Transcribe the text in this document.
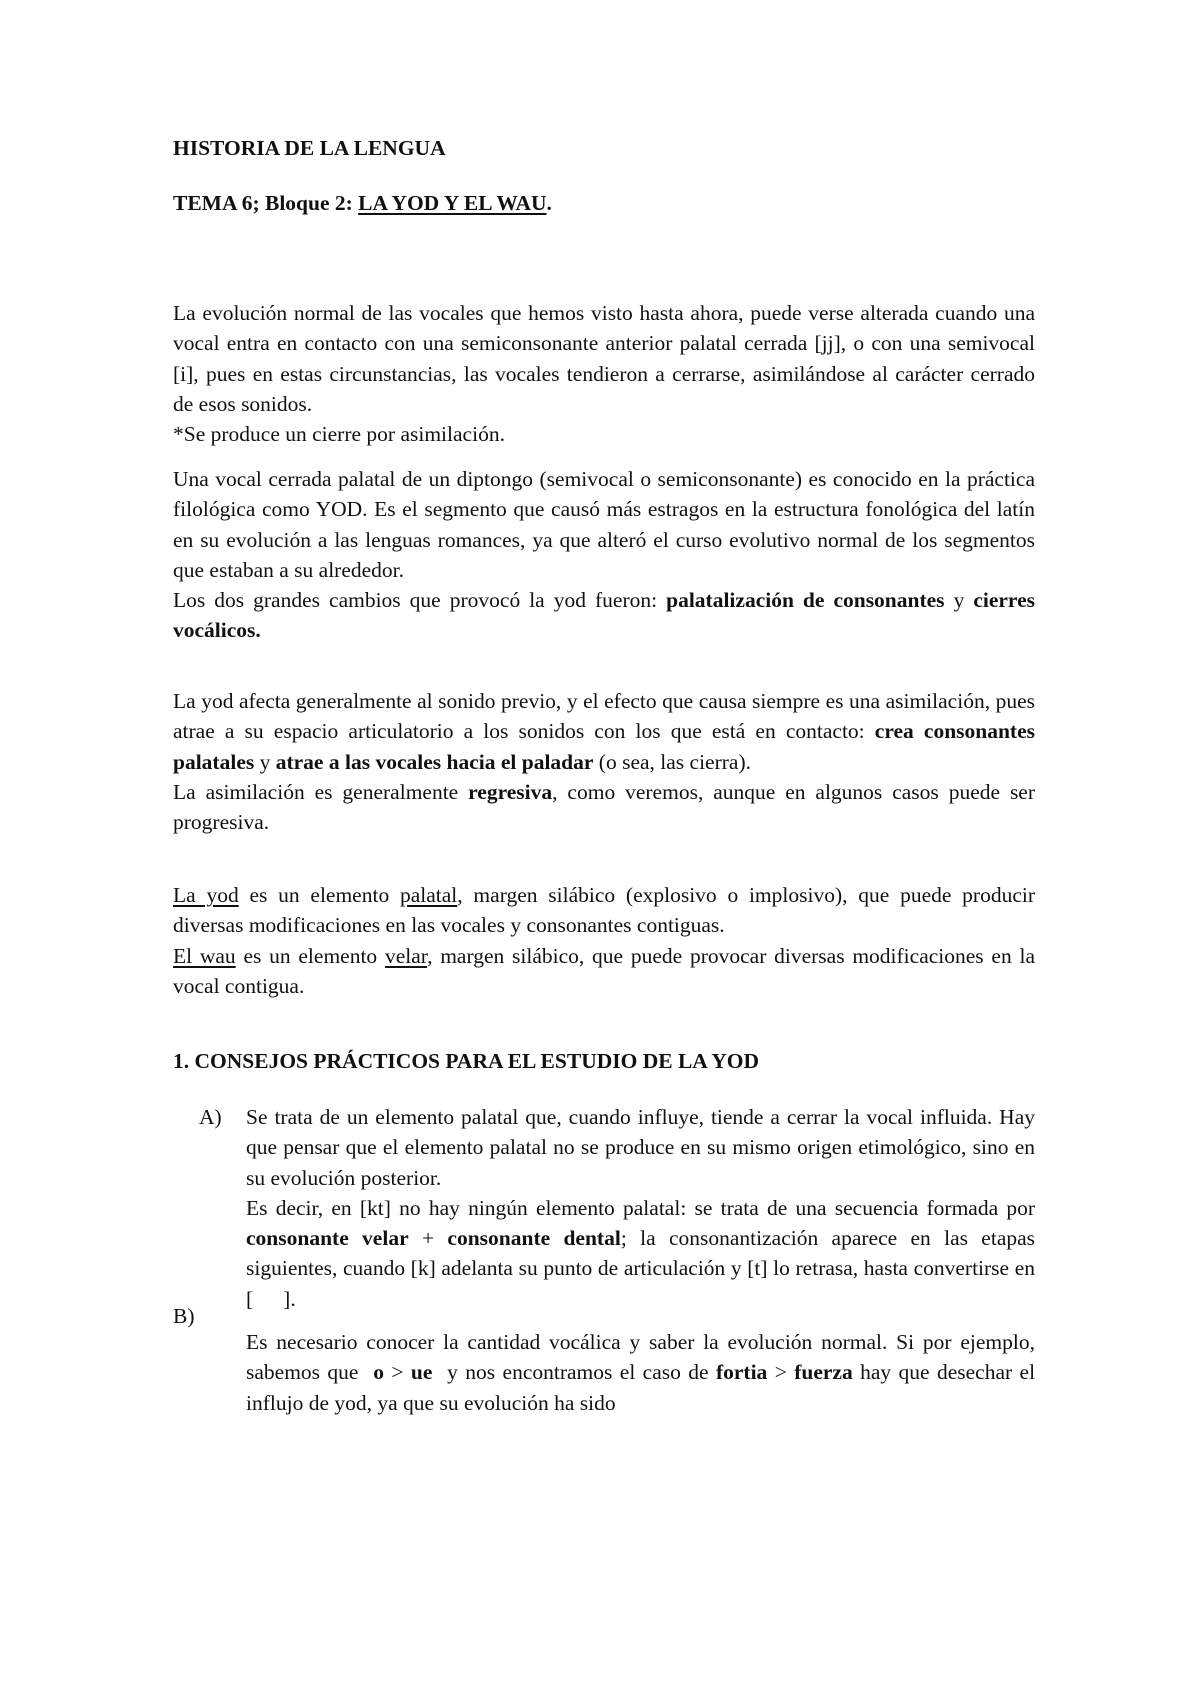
HISTORIA DE LA LENGUA
TEMA 6; Bloque 2: LA YOD Y EL WAU.

La evolución normal de las vocales que hemos visto hasta ahora, puede verse alterada cuando una vocal entra en contacto con una semiconsonante anterior palatal cerrada [jj], o con una semivocal [i], pues en estas circunstancias, las vocales tendieron a cerrarse, asimilándose al carácter cerrado de esos sonidos.

*Se produce un cierre por asimilación.

Una vocal cerrada palatal de un diptongo (semivocal o semiconsonante) es conocido en la práctica filológica como YOD. Es el segmento que causó más estragos en la estructura fonológica del latín en su evolución a las lenguas romances, ya que alteró el curso evolutivo normal de los segmentos que estaban a su alrededor.

Los dos grandes cambios que provocó la yod fueron: palatalización de consonantes y cierres vocálicos.

La yod afecta generalmente al sonido previo, y el efecto que causa siempre es una asimilación, pues atrae a su espacio articulatorio a los sonidos con los que está en contacto: crea consonantes palatales y atrae a las vocales hacia el paladar (o sea, las cierra).

La asimilación es generalmente regresiva, como veremos, aunque en algunos casos puede ser progresiva.

La yod es un elemento palatal, margen silábico (explosivo o implosivo), que puede producir diversas modificaciones en las vocales y consonantes contiguas.

El wau es un elemento velar, margen silábico, que puede provocar diversas modificaciones en la vocal contigua.

1. CONSEJOS PRÁCTICOS PARA EL ESTUDIO DE LA YOD
A) Se trata de un elemento palatal que, cuando influye, tiende a cerrar la vocal influida. Hay que pensar que el elemento palatal no se produce en su mismo origen etimológico, sino en su evolución posterior.

Es decir, en [kt] no hay ningún elemento palatal: se trata de una secuencia formada por consonante velar + consonante dental; la consonantización aparece en las etapas siguientes, cuando [k] adelanta su punto de articulación y [t] lo retrasa, hasta convertirse en [ ].

B)

Es necesario conocer la cantidad vocálica y saber la evolución normal. Si por ejemplo, sabemos que o > ue y nos encontramos el caso de fortia > fuerza hay que desechar el influjo de yod, ya que su evolución ha sido
